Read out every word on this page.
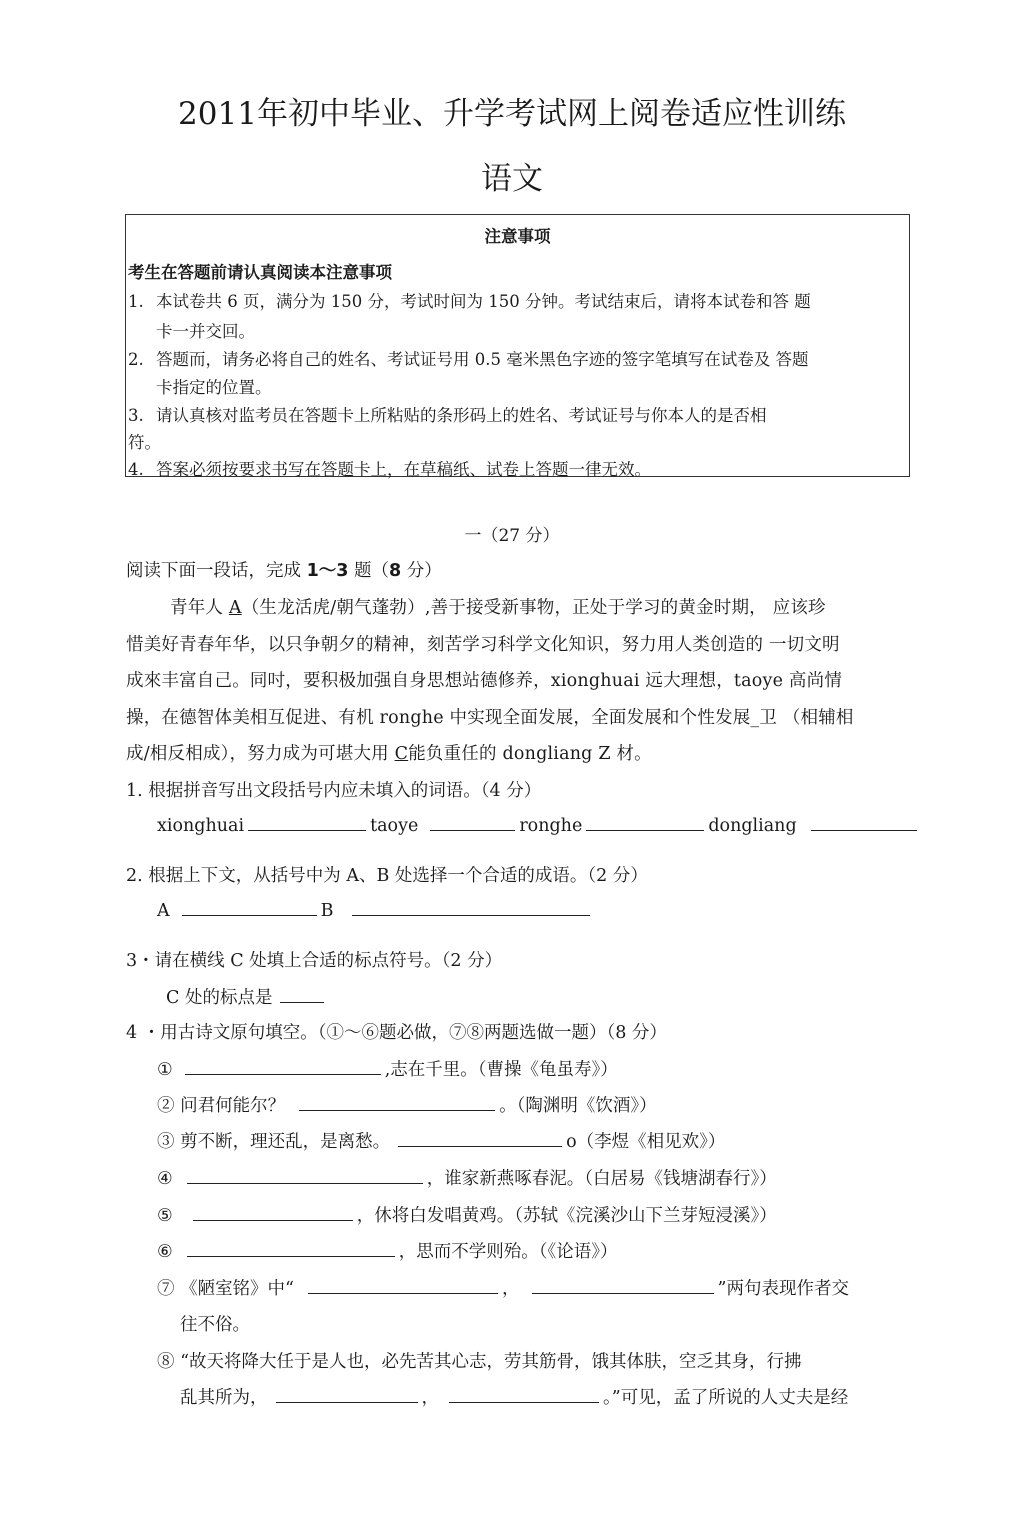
2011年初中毕业、升学考试网上阅卷适应性训练
语文
注意事项
考生在答题前请认真阅读本注意事项
1. 本试卷共 6 页，满分为 150 分，考试时间为 150 分钟。考试结束后，请将本试卷和答 题
卡一并交回。
2. 答题而，请务必将自己的姓名、考试证号用 0.5 毫米黑色字迹的签字笔填写在试卷及 答题
卡指定的位置。
3. 请认真核对监考员在答题卡上所粘贴的条形码上的姓名、考试证号与你本人的是否相
符。
4. 答案必须按要求书写在答题卡上，在草稿纸、试卷上答题一律无效。
一（27 分）
阅读下面一段话，完成 1～3 题（8 分）
青年人 A（生龙活虎/朝气蓬勃）,善于接受新事物，正处于学习的黄金时期， 应该珍
惜美好青春年华，以只争朝夕的精神，刻苦学习科学文化知识，努力用人类创造的 一切文明
成來丰富自己。同吋，要积极加强自身思想站德修养，xionghuai 远大理想，taoye 高尚情
操，在德智体美相互促进、有机 ronghe 中实现全面发展，全面发展和个性发展_卫 （相辅相
成/相反相成），努力成为可堪大用 C能负重任的 dongliang Z 材。
1. 根据拼音写出文段括号内应未填入的词语。（4 分）
xionghuai	taoye	ronghe	dongliang
2. 根据上下文，从括号中为 A、B 处选择一个合适的成语。（2 分）
A	B
3・请在横线 C 处填上合适的标点符号。（2 分）
C 处的标点是
4 ・用古诗文原句填空。（①～⑥题必做，⑦⑧两题选做一题）（8 分）
①	,志在千里。（曹操《龟虽寿》）
② 问君何能尔？	。（陶渊明《饮酒》）
③ 剪不断，理还乱，是离愁。	o（李煜《相见欢》）
④	，谁家新燕啄春泥。（白居易《钱塘湖春行》）
⑤	，休将白发唱黄鸡。（苏轼《浣溪沙山下兰芽短浸溪》）
⑥	，思而不学则殆。（《论语》）
⑦ 《陋室铭》中“	，	”两句表现作者交
往不俗。
⑧ “故天将降大任于是人也，必先苦其心志，劳其筋骨，饿其体肤，空乏其身，行拂
乱其所为，	，	。”可见，孟了所说的人丈夫是经
